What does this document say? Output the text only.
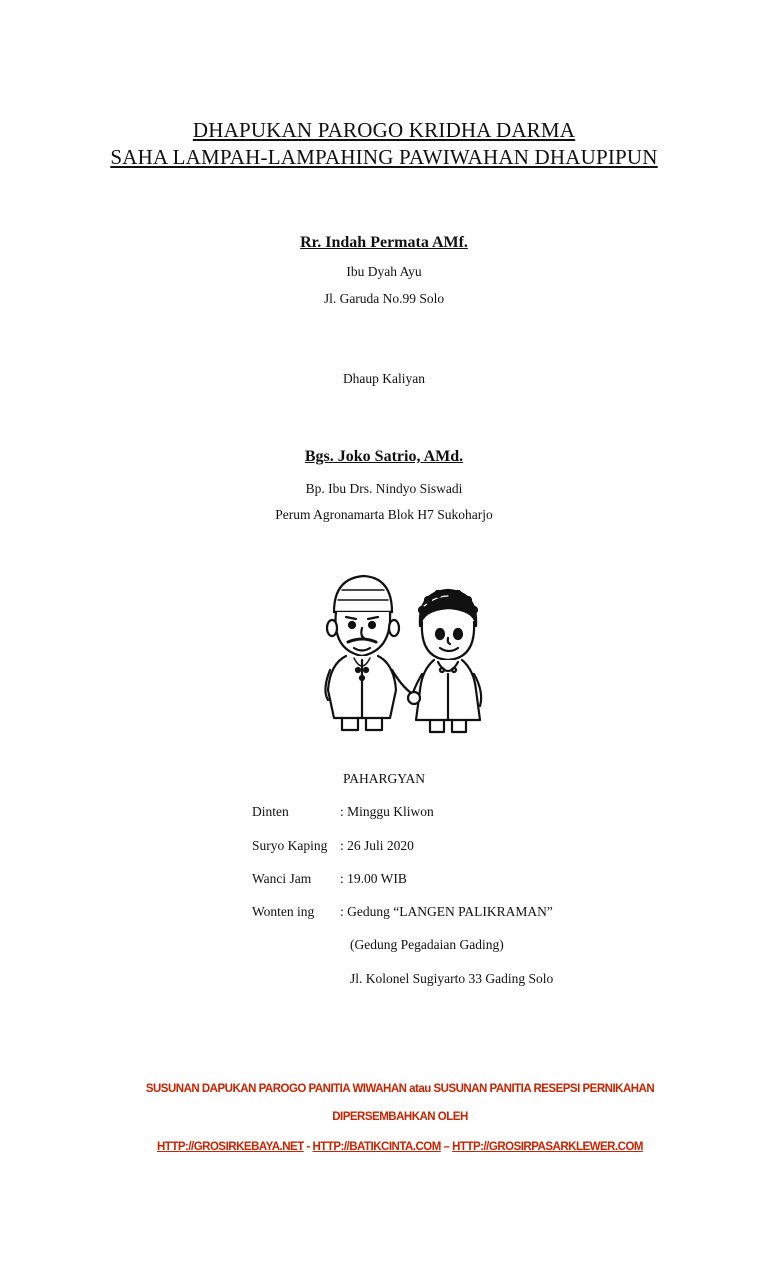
DHAPUKAN PAROGO KRIDHA DARMA
SAHA LAMPAH-LAMPAHING PAWIWAHAN DHAUPIPUN
Rr. Indah Permata AMf.
Ibu Dyah Ayu
Jl. Garuda No.99 Solo
Dhaup Kaliyan
Bgs. Joko Satrio, AMd.
Bp. Ibu Drs. Nindyo Siswadi
Perum Agronamarta Blok H7 Sukoharjo
PAHARGYAN
Dinten	: Minggu Kliwon
Suryo Kaping : 26 Juli 2020
Wanci Jam : 19.00 WIB
Wonten ing : Gedung “LANGEN PALIKRAMAN”
(Gedung Pegadaian Gading)
Jl. Kolonel Sugiyarto 33 Gading Solo
SUSUNAN DAPUKAN PAROGO PANITIA WIWAHAN atau SUSUNAN PANITIA RESEPSI PERNIKAHAN
DIPERSEMBAHKAN OLEH
HTTP://GROSIRKEBAYA.NET - HTTP://BATIKCINTA.COM – HTTP://GROSIRPASARKLEWER.COM
